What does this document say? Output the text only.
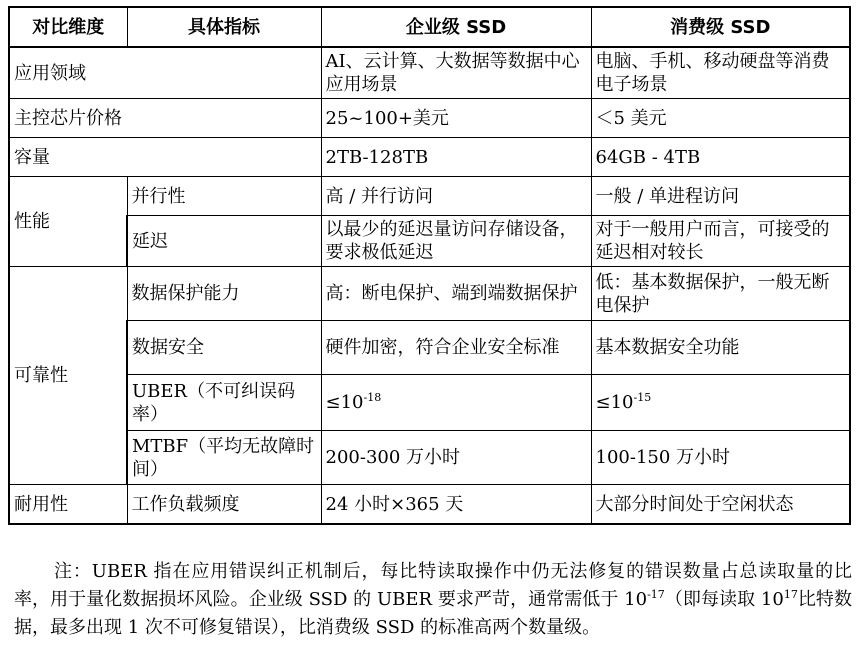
对比维度	具体指标	企业级 SSD	消费级 SSD
应用领域		AI、云计算、大数据等数据中心应用场景	电脑、手机、移动硬盘等消费电子场景
主控芯片价格		25~100+美元	＜5 美元
容量		2TB-128TB	64GB - 4TB
性能	并行性	高 / 并行访问	一般 / 单进程访问
	延迟	以最少的延迟量访问存储设备，要求极低延迟	对于一般用户而言，可接受的延迟相对较长
可靠性	数据保护能力	高：断电保护、端到端数据保护	低：基本数据保护，一般无断电保护
	数据安全	硬件加密，符合企业安全标准	基本数据安全功能
	UBER（不可纠误码率）	$\le 10^{-18}$	$\le 10^{-15}$
	MTBF（平均无故障时间）	200-300 万小时	100-150 万小时
耐用性	工作负载频度	24 小时×365 天	大部分时间处于空闲状态

注：UBER 指在应用错误纠正机制后，每比特读取操作中仍无法修复的错误数量占总读取量的比率，用于量化数据损坏风险。企业级 SSD 的 UBER 要求严苛，通常需低于 $10^{-17}$（即每读取 $10^{17}$比特数据，最多出现 1 次不可修复错误），比消费级 SSD 的标准高两个数量级。
